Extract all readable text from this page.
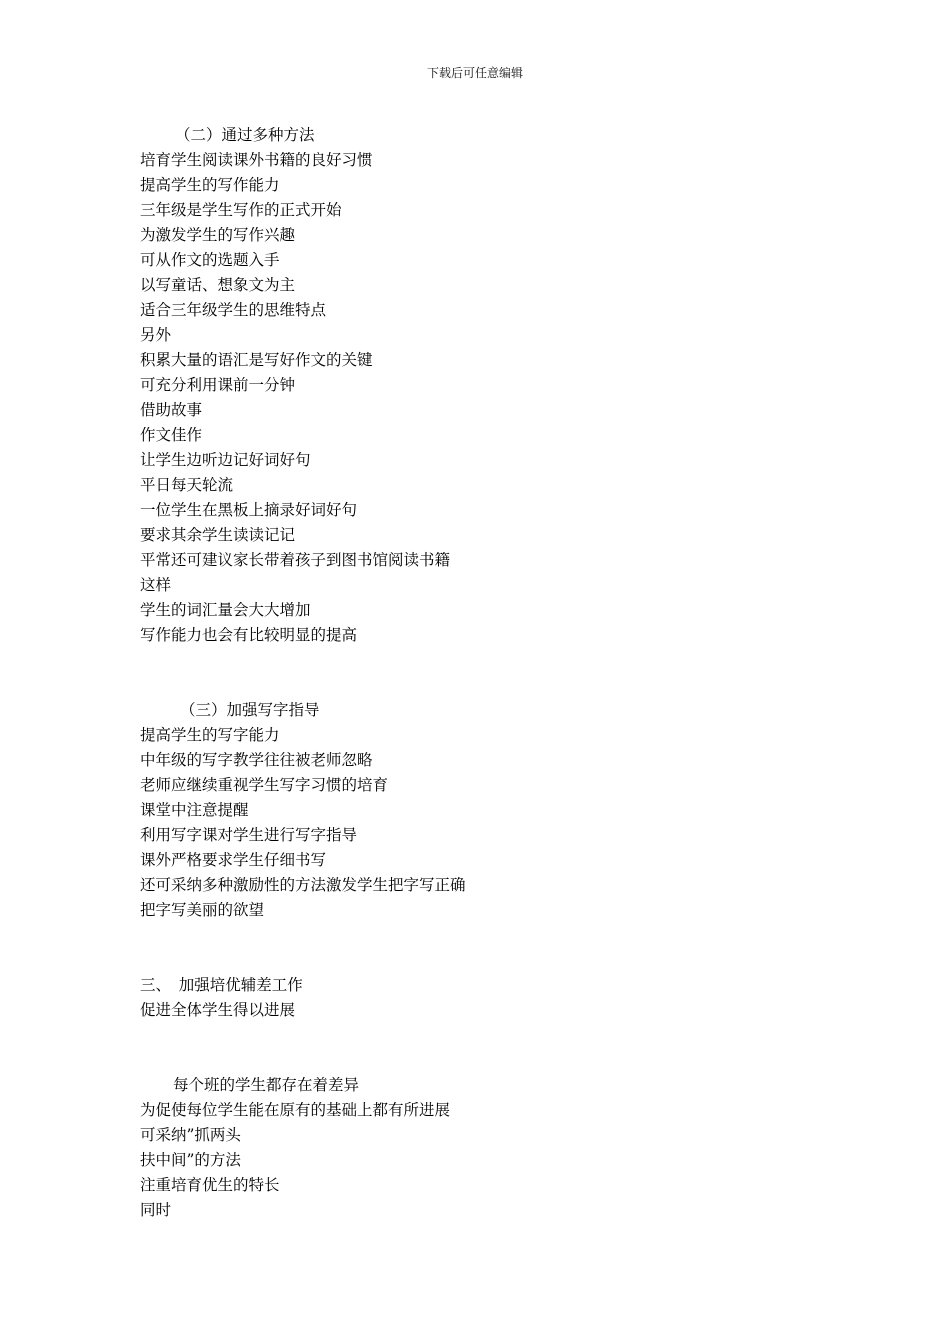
下载后可任意编辑
（二）通过多种方法
培育学生阅读课外书籍的良好习惯
提高学生的写作能力
三年级是学生写作的正式开始
为激发学生的写作兴趣
可从作文的选题入手
以写童话、想象文为主
适合三年级学生的思维特点
另外
积累大量的语汇是写好作文的关键
可充分利用课前一分钟
借助故事
作文佳作
让学生边听边记好词好句
平日每天轮流
一位学生在黑板上摘录好词好句
要求其余学生读读记记
平常还可建议家长带着孩子到图书馆阅读书籍
这样
学生的词汇量会大大增加
写作能力也会有比较明显的提高
（三）加强写字指导
提高学生的写字能力
中年级的写字教学往往被老师忽略
老师应继续重视学生写字习惯的培育
课堂中注意提醒
利用写字课对学生进行写字指导
课外严格要求学生仔细书写
还可采纳多种激励性的方法激发学生把字写正确
把字写美丽的欲望
三、　加强培优辅差工作
促进全体学生得以进展
每个班的学生都存在着差异
为促使每位学生能在原有的基础上都有所进展
可采纳”抓两头
扶中间”的方法
注重培育优生的特长
同时
